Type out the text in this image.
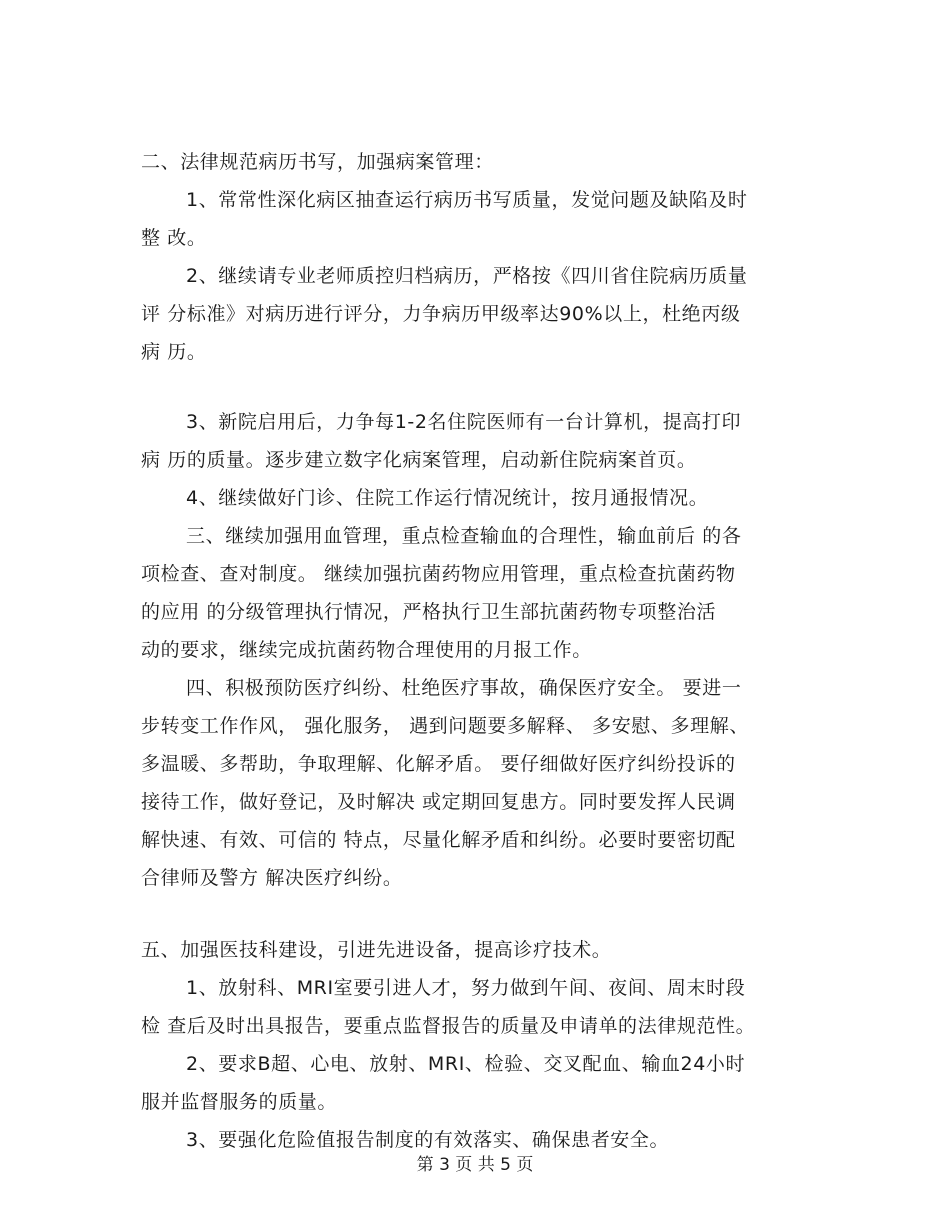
二、法律规范病历书写，加强病案管理：
1、常常性深化病区抽查运行病历书写质量，发觉问题及缺陷及时
整 改。
2、继续请专业老师质控归档病历，严格按《四川省住院病历质量
评 分标准》对病历进行评分，力争病历甲级率达90%以上，杜绝丙级
病 历。
3、新院启用后，力争每1-2名住院医师有一台计算机，提高打印
病 历的质量。逐步建立数字化病案管理，启动新住院病案首页。
4、继续做好门诊、住院工作运行情况统计，按月通报情况。
三、继续加强用血管理，重点检查输血的合理性，输血前后 的各
项检查、查对制度。 继续加强抗菌药物应用管理，重点检查抗菌药物
的应用 的分级管理执行情况，严格执行卫生部抗菌药物专项整治活
动的要求，继续完成抗菌药物合理使用的月报工作。
四、积极预防医疗纠纷、杜绝医疗事故，确保医疗安全。 要进一
步转变工作作风， 强化服务， 遇到问题要多解释、 多安慰、多理解、
多温暖、多帮助，争取理解、化解矛盾。 要仔细做好医疗纠纷投诉的
接待工作，做好登记，及时解决 或定期回复患方。同时要发挥人民调
解快速、有效、可信的 特点，尽量化解矛盾和纠纷。必要时要密切配
合律师及警方 解决医疗纠纷。
五、加强医技科建设，引进先进设备，提高诊疗技术。
1、放射科、MRI室要引进人才，努力做到午间、夜间、周末时段
检 查后及时出具报告，要重点监督报告的质量及申请单的法律规范性。
2、要求B超、心电、放射、MRI、检验、交叉配血、输血24小时
服并监督服务的质量。
3、要强化危险值报告制度的有效落实、确保患者安全。
第 3 页 共 5 页
